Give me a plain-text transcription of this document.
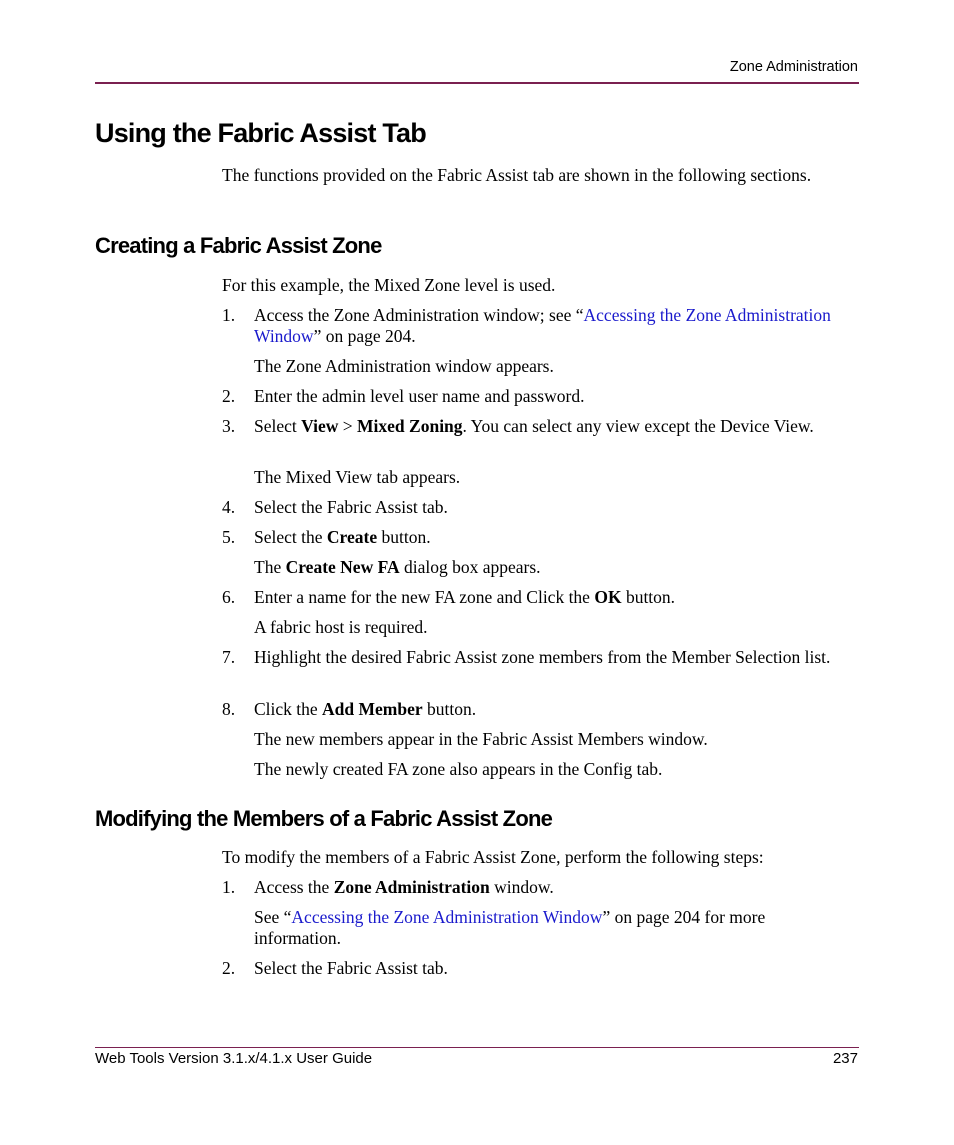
Zone Administration
Using the Fabric Assist Tab

The functions provided on the Fabric Assist tab are shown in the following sections.

Creating a Fabric Assist Zone

For this example, the Mixed Zone level is used.

1.	Access the Zone Administration window; see “Accessing the Zone Administration Window” on page 204.

The Zone Administration window appears.

2.	Enter the admin level user name and password.
3.	Select View > Mixed Zoning. You can select any view except the Device View.

The Mixed View tab appears.

4.	Select the Fabric Assist tab.
5.	Select the Create button.

The Create New FA dialog box appears.

6.	Enter a name for the new FA zone and Click the OK button.

A fabric host is required.

7.	Highlight the desired Fabric Assist zone members from the Member Selection list.
8.	Click the Add Member button.

The new members appear in the Fabric Assist Members window.

The newly created FA zone also appears in the Config tab.

Modifying the Members of a Fabric Assist Zone

To modify the members of a Fabric Assist Zone, perform the following steps:

1.	Access the Zone Administration window.

See “Accessing the Zone Administration Window” on page 204 for more information.

2.	Select the Fabric Assist tab.
Web Tools Version 3.1.x/4.1.x User Guide	237
